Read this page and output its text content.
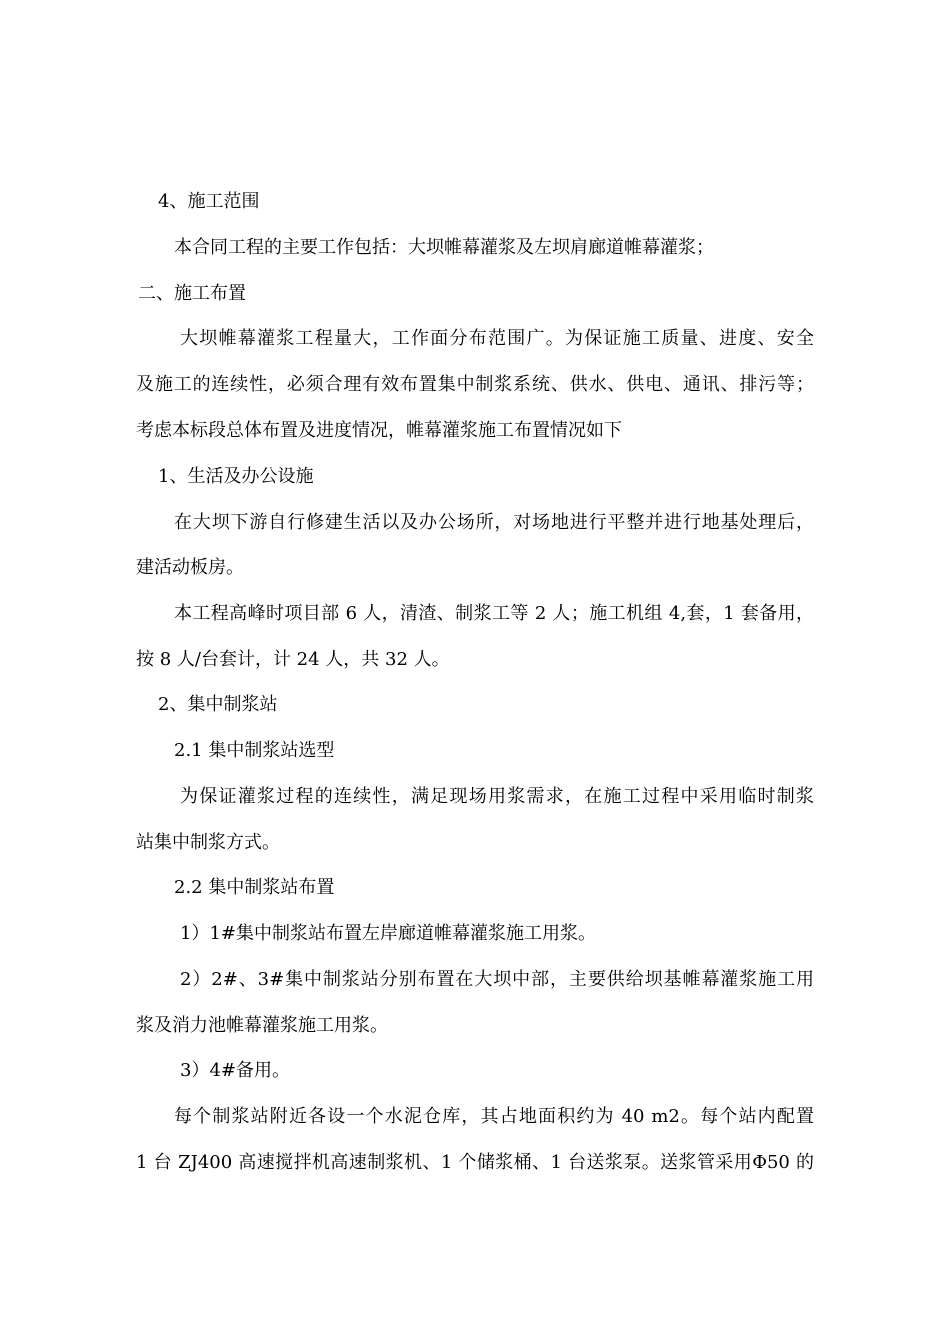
4、施工范围
本合同工程的主要工作包括：大坝帷幕灌浆及左坝肩廊道帷幕灌浆；
二、施工布置
大坝帷幕灌浆工程量大，工作面分布范围广。为保证施工质量、进度、安全
及施工的连续性，必须合理有效布置集中制浆系统、供水、供电、通讯、排污等；
考虑本标段总体布置及进度情况，帷幕灌浆施工布置情况如下
1、生活及办公设施
在大坝下游自行修建生活以及办公场所，对场地进行平整并进行地基处理后，
建活动板房。
本工程高峰时项目部 6 人，清渣、制浆工等 2 人；施工机组 4,套，1 套备用，
按 8 人/台套计，计 24 人，共 32 人。
2、集中制浆站
2.1 集中制浆站选型
为保证灌浆过程的连续性，满足现场用浆需求，在施工过程中采用临时制浆
站集中制浆方式。
2.2 集中制浆站布置
1）1#集中制浆站布置左岸廊道帷幕灌浆施工用浆。
2）2#、3#集中制浆站分别布置在大坝中部，主要供给坝基帷幕灌浆施工用
浆及消力池帷幕灌浆施工用浆。
3）4#备用。
每个制浆站附近各设一个水泥仓库，其占地面积约为 40 m2。每个站内配置
1 台 ZJ400 高速搅拌机高速制浆机、1 个储浆桶、1 台送浆泵。送浆管采用Φ50 的
